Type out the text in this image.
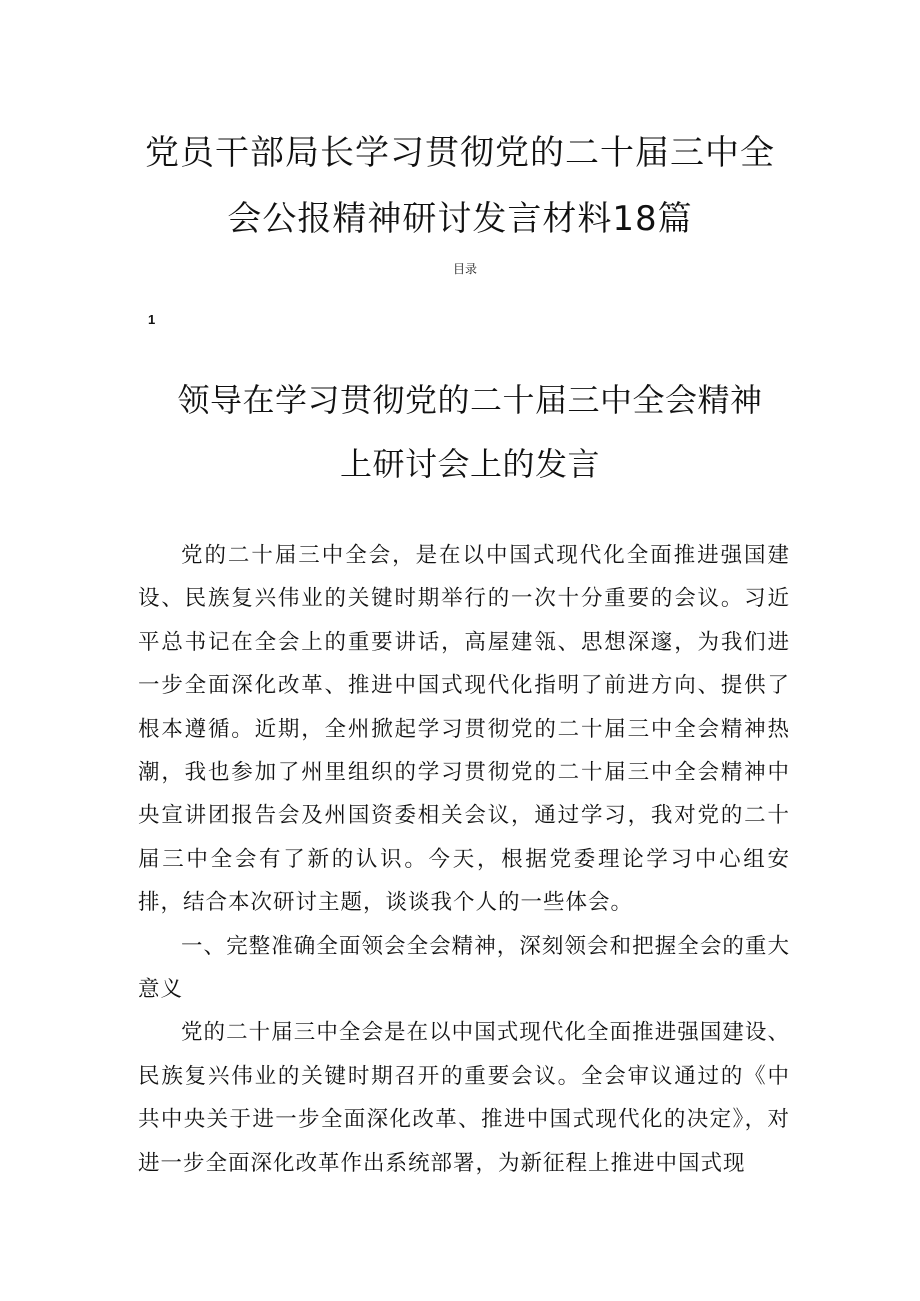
党员干部局长学习贯彻党的二十届三中全
会公报精神研讨发言材料18篇
目录
1
领导在学习贯彻党的二十届三中全会精神
上研讨会上的发言

党的二十届三中全会，是在以中国式现代化全面推进强国建设、民族复兴伟业的关键时期举行的一次十分重要的会议。习近平总书记在全会上的重要讲话，高屋建瓴、思想深邃，为我们进一步全面深化改革、推进中国式现代化指明了前进方向、提供了根本遵循。近期，全州掀起学习贯彻党的二十届三中全会精神热潮，我也参加了州里组织的学习贯彻党的二十届三中全会精神中央宣讲团报告会及州国资委相关会议，通过学习，我对党的二十届三中全会有了新的认识。今天，根据党委理论学习中心组安排，结合本次研讨主题，谈谈我个人的一些体会。

一、完整准确全面领会全会精神，深刻领会和把握全会的重大意义

党的二十届三中全会是在以中国式现代化全面推进强国建设、民族复兴伟业的关键时期召开的重要会议。全会审议通过的《中共中央关于进一步全面深化改革、推进中国式现代化的决定》，对进一步全面深化改革作出系统部署，为新征程上推进中国式现
